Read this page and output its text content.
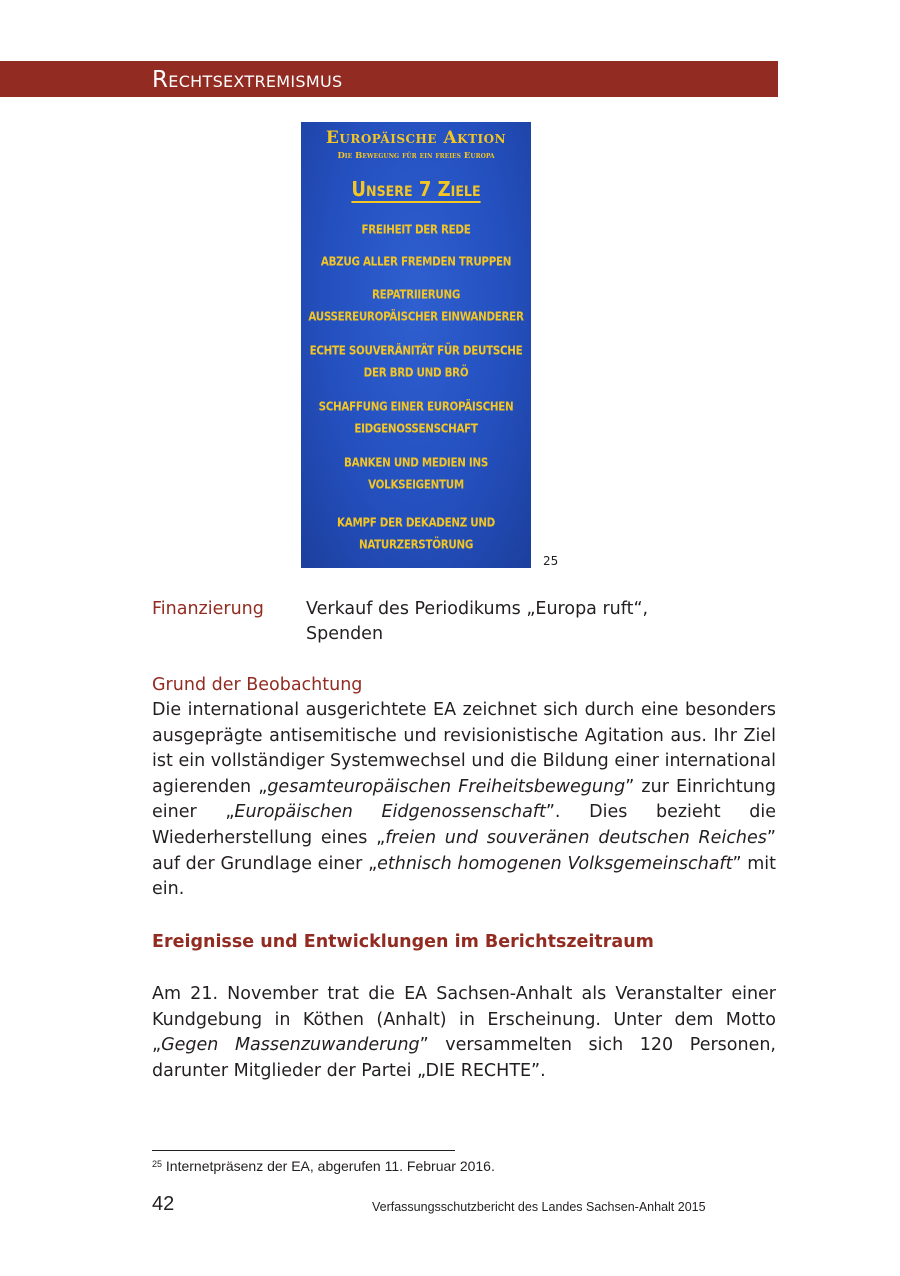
Rechtsextremismus
Europäische Aktion
Die Bewegung für ein freies Europa
Unsere 7 Ziele
FREIHEIT DER REDE
ABZUG ALLER FREMDEN TRUPPEN
REPATRIIERUNG
AUSSEREUROPÄISCHER EINWANDERER
ECHTE SOUVERÄNITÄT FÜR DEUTSCHE
DER BRD UND BRÖ
SCHAFFUNG EINER EUROPÄISCHEN
EIDGENOSSENSCHAFT
BANKEN UND MEDIEN INS
VOLKSEIGENTUM
KAMPF DER DEKADENZ UND
NATURZERSTÖRUNG
25
Finanzierung Verkauf des Periodikums „Europa ruft“,
Spenden
Grund der Beobachtung
Die international ausgerichtete EA zeichnet sich durch eine besonders ausgeprägte antisemitische und revisionistische Agitation aus. Ihr Ziel ist ein vollständiger Systemwechsel und die Bildung einer international agierenden „gesamteuropäischen Freiheitsbewegung” zur Einrichtung einer „Europäischen Eidgenossenschaft”. Dies bezieht die Wiederherstellung eines „freien und souveränen deutschen Reiches” auf der Grundlage einer „ethnisch homogenen Volksgemeinschaft” mit ein.
Ereignisse und Entwicklungen im Berichtszeitraum
Am 21. November trat die EA Sachsen-Anhalt als Veranstalter einer Kundgebung in Köthen (Anhalt) in Erscheinung. Unter dem Motto „Gegen Massenzuwanderung” versammelten sich 120 Personen, darunter Mitglieder der Partei „DIE RECHTE”.
$^{25}$ Internetpräsenz der EA, abgerufen 11. Februar 2016.
42	Verfassungsschutzbericht des Landes Sachsen-Anhalt 2015
